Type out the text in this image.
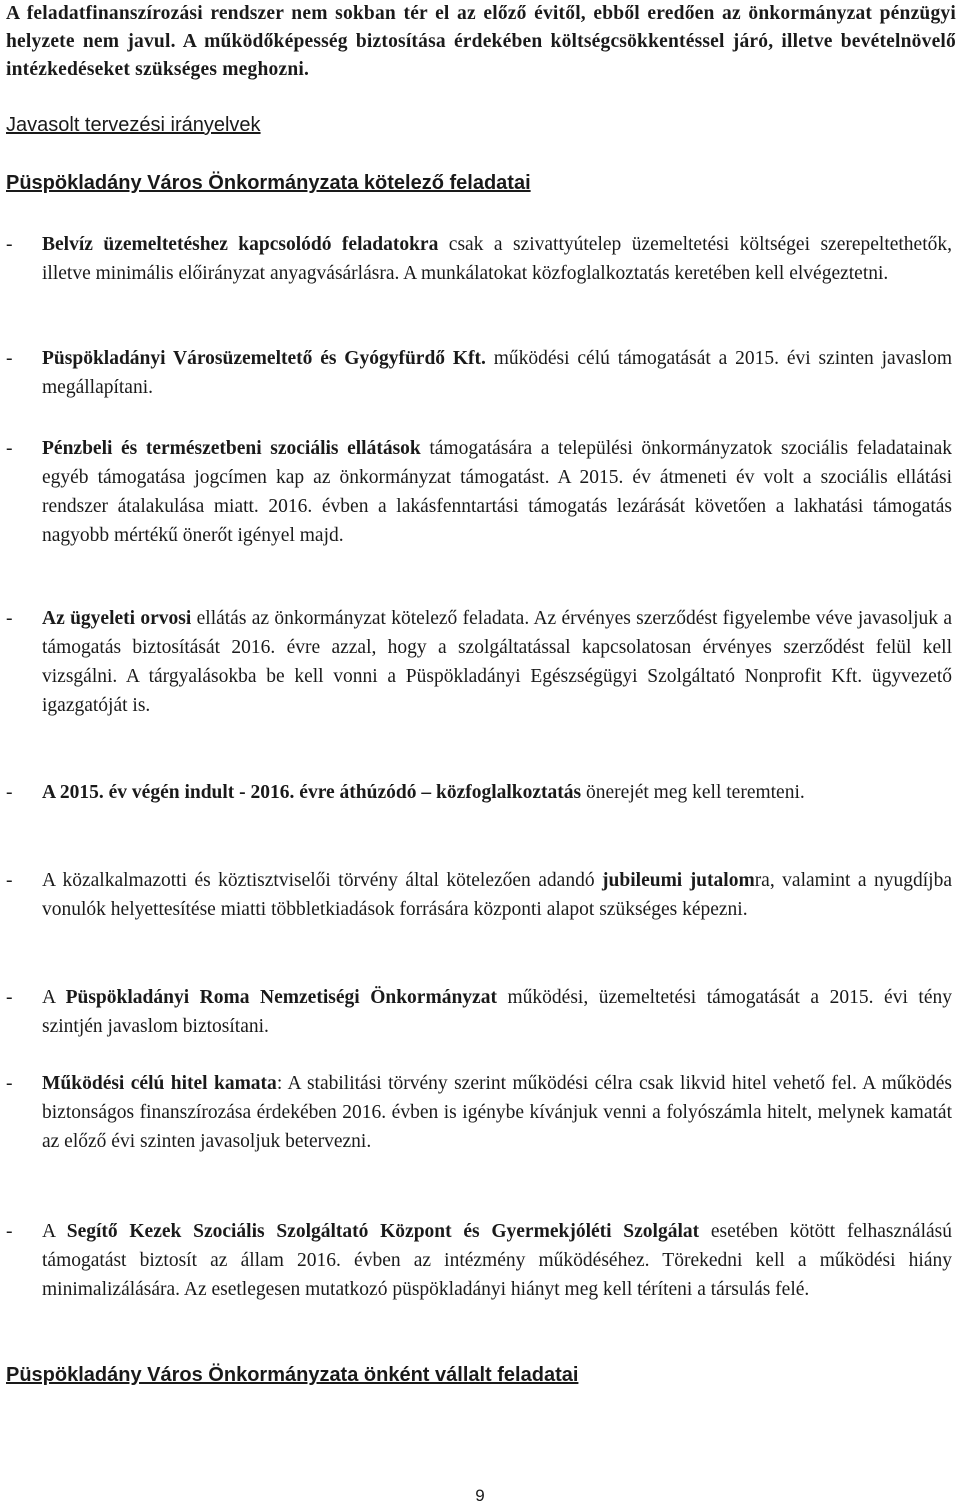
A feladatfinanszírozási rendszer nem sokban tér el az előző évitől, ebből eredően az önkormányzat pénzügyi helyzete nem javul. A működőképesség biztosítása érdekében költségcsökkentéssel járó, illetve bevételnövelő intézkedéseket szükséges meghozni.
Javasolt tervezési irányelvek
Püspökladány Város Önkormányzata kötelező feladatai
-	Belvíz üzemeltetéshez kapcsolódó feladatokra csak a szivattyútelep üzemeltetési költségei szerepeltethetők, illetve minimális előirányzat anyagvásárlásra. A munkálatokat közfoglalkoztatás keretében kell elvégeztetni.
-	Püspökladányi Városüzemeltető és Gyógyfürdő Kft. működési célú támogatását a 2015. évi szinten javaslom megállapítani.
-	Pénzbeli és természetbeni szociális ellátások támogatására a települési önkormányzatok szociális feladatainak egyéb támogatása jogcímen kap az önkormányzat támogatást. A 2015. év átmeneti év volt a szociális ellátási rendszer átalakulása miatt. 2016. évben a lakásfenntartási támogatás lezárását követően a lakhatási támogatás nagyobb mértékű önerőt igényel majd.
-	Az ügyeleti orvosi ellátás az önkormányzat kötelező feladata. Az érvényes szerződést figyelembe véve javasoljuk a támogatás biztosítását 2016. évre azzal, hogy a szolgáltatással kapcsolatosan érvényes szerződést felül kell vizsgálni. A tárgyalásokba be kell vonni a Püspökladányi Egészségügyi Szolgáltató Nonprofit Kft. ügyvezető igazgatóját is.
-	A 2015. év végén indult - 2016. évre áthúzódó – közfoglalkoztatás önerejét meg kell teremteni.
-	A közalkalmazotti és köztisztviselői törvény által kötelezően adandó jubileumi jutalomra, valamint a nyugdíjba vonulók helyettesítése miatti többletkiadások forrására központi alapot szükséges képezni.
-	A Püspökladányi Roma Nemzetiségi Önkormányzat működési, üzemeltetési támogatását a 2015. évi tény szintjén javaslom biztosítani.
-	Működési célú hitel kamata: A stabilitási törvény szerint működési célra csak likvid hitel vehető fel. A működés biztonságos finanszírozása érdekében 2016. évben is igénybe kívánjuk venni a folyószámla hitelt, melynek kamatát az előző évi szinten javasoljuk betervezni.
-	A Segítő Kezek Szociális Szolgáltató Központ és Gyermekjóléti Szolgálat esetében kötött felhasználású támogatást biztosít az állam 2016. évben az intézmény működéséhez. Törekedni kell a működési hiány minimalizálására. Az esetlegesen mutatkozó püspökladányi hiányt meg kell téríteni a társulás felé.
Püspökladány Város Önkormányzata önként vállalt feladatai
9
